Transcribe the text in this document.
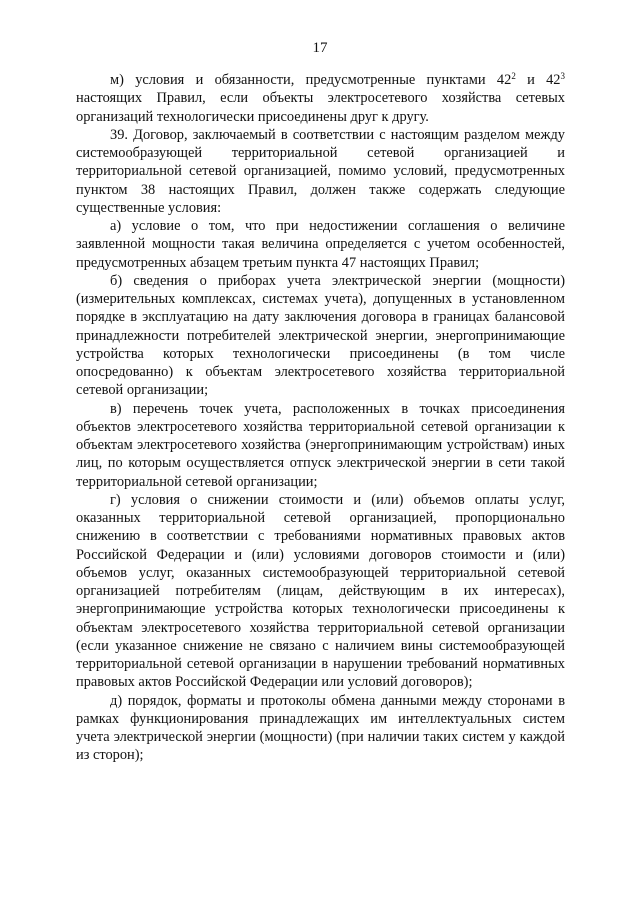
17

м) условия и обязанности, предусмотренные пунктами $42^2$ и $42^3$ настоящих Правил, если объекты электросетевого хозяйства сетевых организаций технологически присоединены друг к другу.

39. Договор, заключаемый в соответствии с настоящим разделом между системообразующей территориальной сетевой организацией и территориальной сетевой организацией, помимо условий, предусмотренных пунктом 38 настоящих Правил, должен также содержать следующие существенные условия:

а) условие о том, что при недостижении соглашения о величине заявленной мощности такая величина определяется с учетом особенностей, предусмотренных абзацем третьим пункта 47 настоящих Правил;

б) сведения о приборах учета электрической энергии (мощности) (измерительных комплексах, системах учета), допущенных в установленном порядке в эксплуатацию на дату заключения договора в границах балансовой принадлежности потребителей электрической энергии, энергопринимающие устройства которых технологически присоединены (в том числе опосредованно) к объектам электросетевого хозяйства территориальной сетевой организации;

в) перечень точек учета, расположенных в точках присоединения объектов электросетевого хозяйства территориальной сетевой организации к объектам электросетевого хозяйства (энергопринимающим устройствам) иных лиц, по которым осуществляется отпуск электрической энергии в сети такой территориальной сетевой организации;

г) условия о снижении стоимости и (или) объемов оплаты услуг, оказанных территориальной сетевой организацией, пропорционально снижению в соответствии с требованиями нормативных правовых актов Российской Федерации и (или) условиями договоров стоимости и (или) объемов услуг, оказанных системообразующей территориальной сетевой организацией потребителям (лицам, действующим в их интересах), энергопринимающие устройства которых технологически присоединены к объектам электросетевого хозяйства территориальной сетевой организации (если указанное снижение не связано с наличием вины системообразующей территориальной сетевой организации в нарушении требований нормативных правовых актов Российской Федерации или условий договоров);

д) порядок, форматы и протоколы обмена данными между сторонами в рамках функционирования принадлежащих им интеллектуальных систем учета электрической энергии (мощности) (при наличии таких систем у каждой из сторон);
